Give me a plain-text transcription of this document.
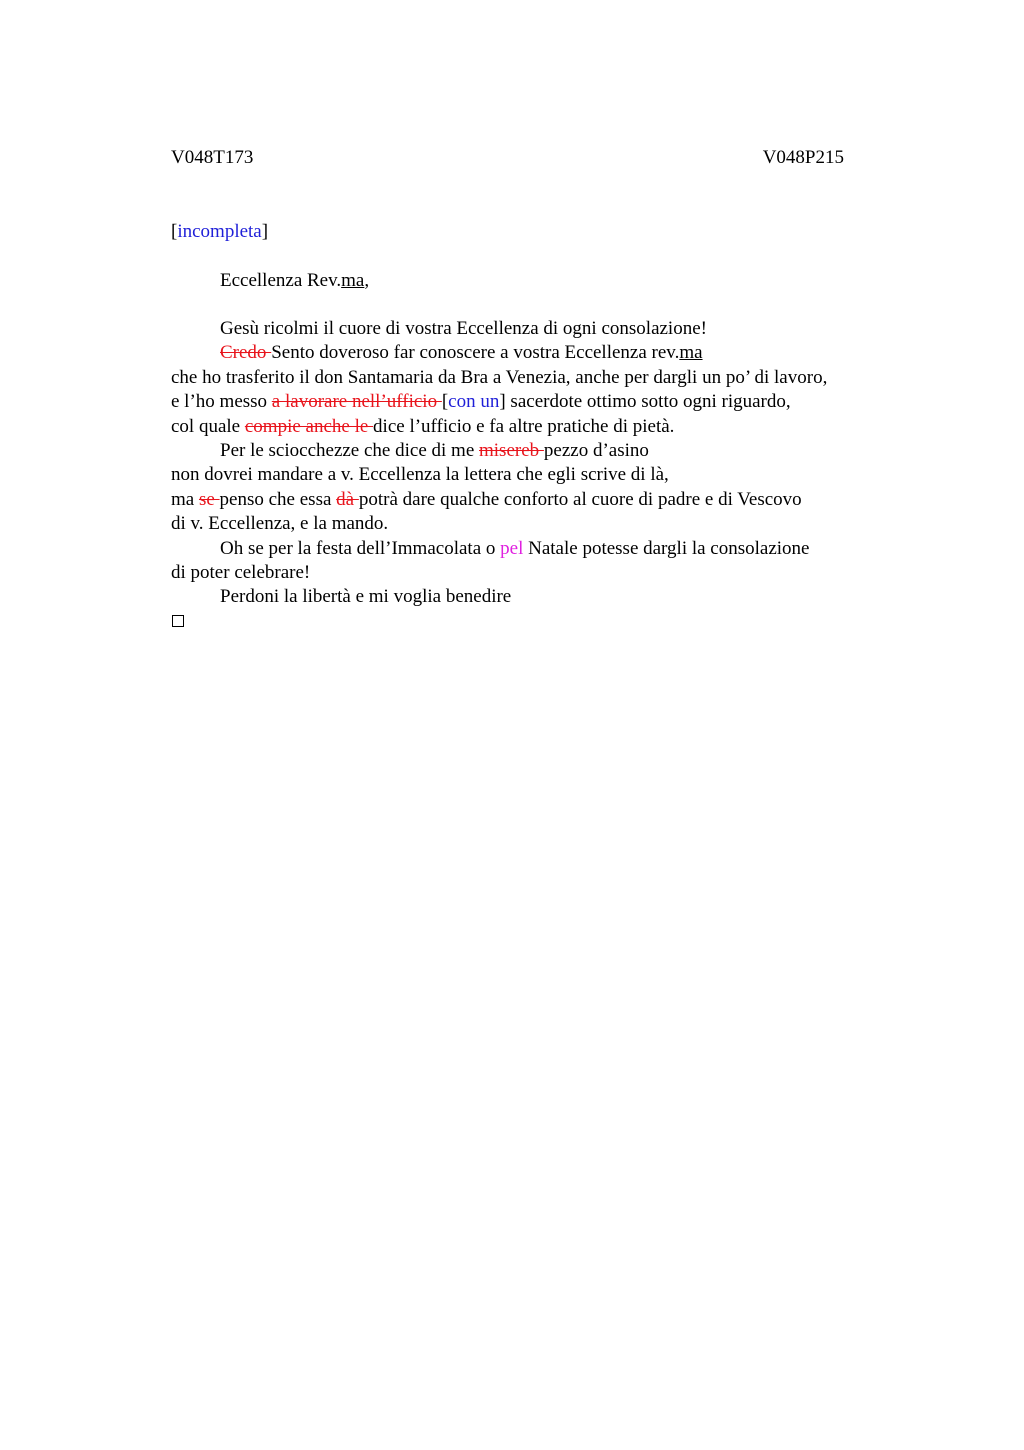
V048T173	V048P215
[incompleta]
Eccellenza Rev.ma,
Gesù ricolmi il cuore di vostra Eccellenza di ogni consolazione!
Credo Sento doveroso far conoscere a vostra Eccellenza rev.ma
che ho trasferito il don Santamaria da Bra a Venezia, anche per dargli un po’ di lavoro,
e l’ho messo a lavorare nell’ufficio [con un] sacerdote ottimo sotto ogni riguardo,
col quale compie anche le dice l’ufficio e fa altre pratiche di pietà.
Per le sciocchezze che dice di me misereb pezzo d’asino
non dovrei mandare a v. Eccellenza la lettera che egli scrive di là,
ma se penso che essa dà potrà dare qualche conforto al cuore di padre e di Vescovo
di v. Eccellenza, e la mando.
Oh se per la festa dell’Immacolata o pel Natale potesse dargli la consolazione
di poter celebrare!
Perdoni la libertà e mi voglia benedire
